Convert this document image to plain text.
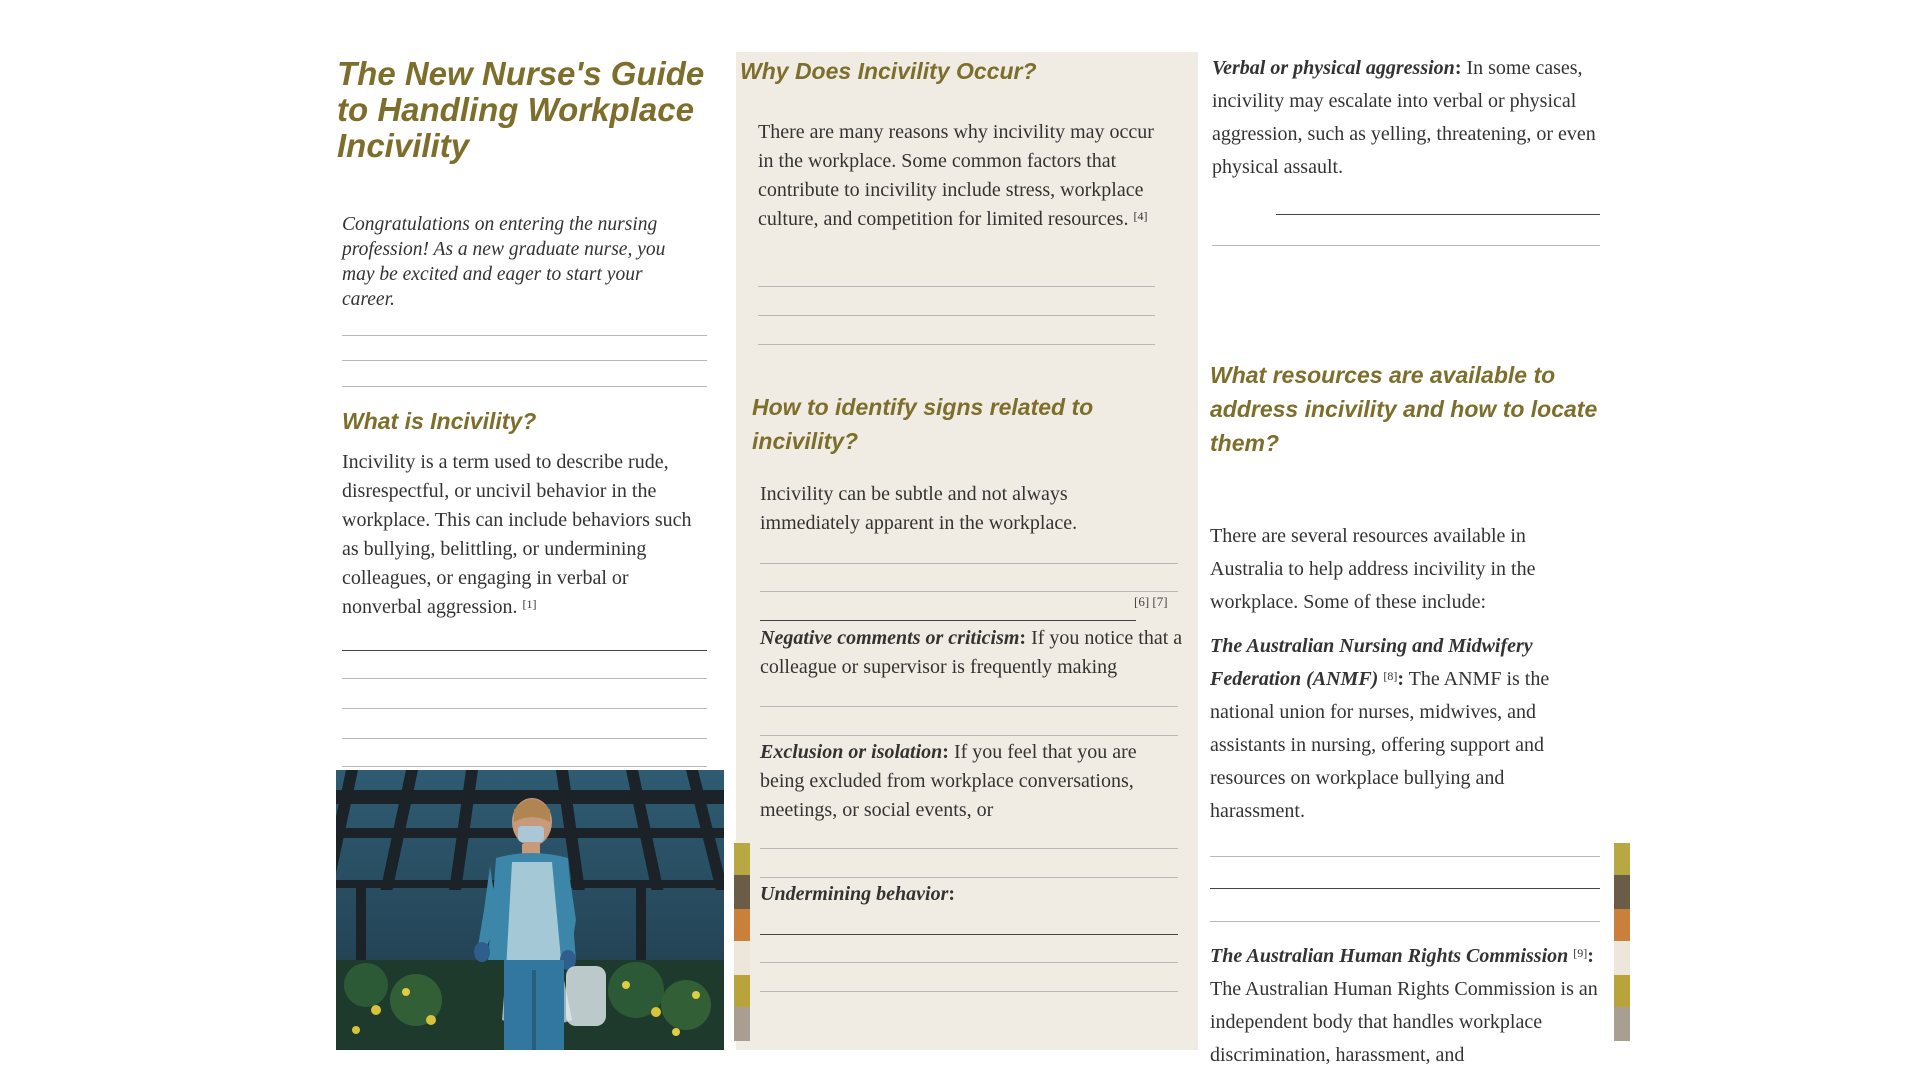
The New Nurse's Guide to Handling Workplace Incivility
Congratulations on entering the nursing profession! As a new graduate nurse, you may be excited and eager to start your career.
What is Incivility?
Incivility is a term used to describe rude, disrespectful, or uncivil behavior in the workplace. This can include behaviors such as bullying, belittling, or undermining colleagues, or engaging in verbal or nonverbal aggression. [1]
Why Does Incivility Occur?
There are many reasons why incivility may occur in the workplace. Some common factors that contribute to incivility include stress, workplace culture, and competition for limited resources. [4]
How to identify signs related to incivility?
Incivility can be subtle and not always immediately apparent in the workplace.
[6] [7]
Negative comments or criticism: If you notice that a colleague or supervisor is frequently making
Exclusion or isolation: If you feel that you are being excluded from workplace conversations, meetings, or social events, or
Undermining behavior:
Verbal or physical aggression: In some cases, incivility may escalate into verbal or physical aggression, such as yelling, threatening, or even physical assault.
What resources are available to address incivility and how to locate them?
There are several resources available in Australia to help address incivility in the workplace. Some of these include:
The Australian Nursing and Midwifery Federation (ANMF) [8]: The ANMF is the national union for nurses, midwives, and assistants in nursing, offering support and resources on workplace bullying and harassment.
The Australian Human Rights Commission [9]:
The Australian Human Rights Commission is an independent body that handles workplace discrimination, harassment, and
